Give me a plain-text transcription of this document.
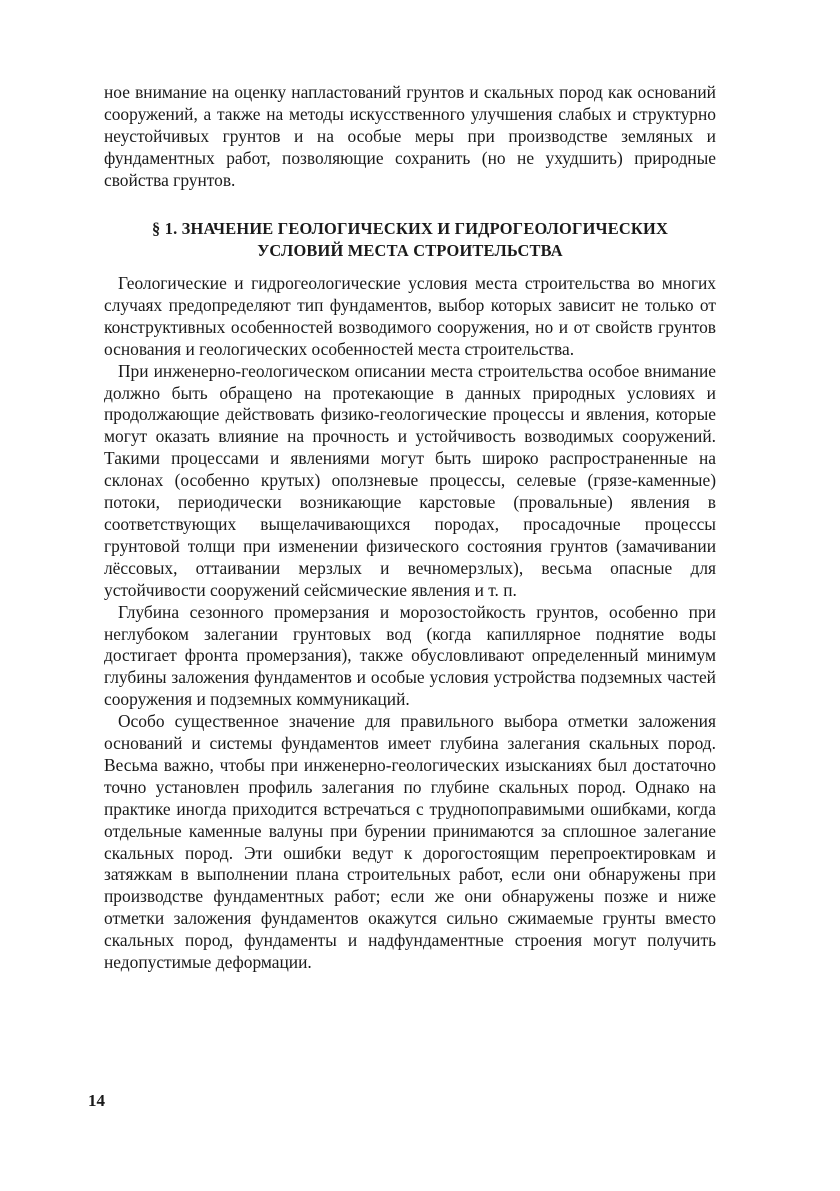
ное внимание на оценку напластований грунтов и скальных пород как оснований сооружений, а также на методы искусственного улучшения слабых и структурно неустойчивых грунтов и на особые меры при производстве земляных и фундаментных работ, позволяющие сохранить (но не ухудшить) природные свойства грунтов.

§ 1. ЗНАЧЕНИЕ ГЕОЛОГИЧЕСКИХ И ГИДРОГЕОЛОГИЧЕСКИХ
УСЛОВИЙ МЕСТА СТРОИТЕЛЬСТВА

Геологические и гидрогеологические условия места строительства во многих случаях предопределяют тип фундаментов, выбор которых зависит не только от конструктивных особенностей возводимого сооружения, но и от свойств грунтов основания и геологических особенностей места строительства.

При инженерно-геологическом описании места строительства особое внимание должно быть обращено на протекающие в данных природных условиях и продолжающие действовать физико-геологические процессы и явления, которые могут оказать влияние на прочность и устойчивость возводимых сооружений. Такими процессами и явлениями могут быть широко распространенные на склонах (особенно крутых) оползневые процессы, селевые (грязе-каменные) потоки, периодически возникающие карстовые (провальные) явления в соответствующих выщелачивающихся породах, просадочные процессы грунтовой толщи при изменении физического состояния грунтов (замачивании лёссовых, оттаивании мерзлых и вечномерзлых), весьма опасные для устойчивости сооружений сейсмические явления и т. п.

Глубина сезонного промерзания и морозостойкость грунтов, особенно при неглубоком залегании грунтовых вод (когда капиллярное поднятие воды достигает фронта промерзания), также обусловливают определенный минимум глубины заложения фундаментов и особые условия устройства подземных частей сооружения и подземных коммуникаций.

Особо существенное значение для правильного выбора отметки заложения оснований и системы фундаментов имеет глубина залегания скальных пород. Весьма важно, чтобы при инженерно-геологических изысканиях был достаточно точно установлен профиль залегания по глубине скальных пород. Однако на практике иногда приходится встречаться с труднопоправимыми ошибками, когда отдельные каменные валуны при бурении принимаются за сплошное залегание скальных пород. Эти ошибки ведут к дорогостоящим перепроектировкам и затяжкам в выполнении плана строительных работ, если они обнаружены при производстве фундаментных работ; если же они обнаружены позже и ниже отметки заложения фундаментов окажутся сильно сжимаемые грунты вместо скальных пород, фундаменты и надфундаментные строения могут получить недопустимые деформации.

14
